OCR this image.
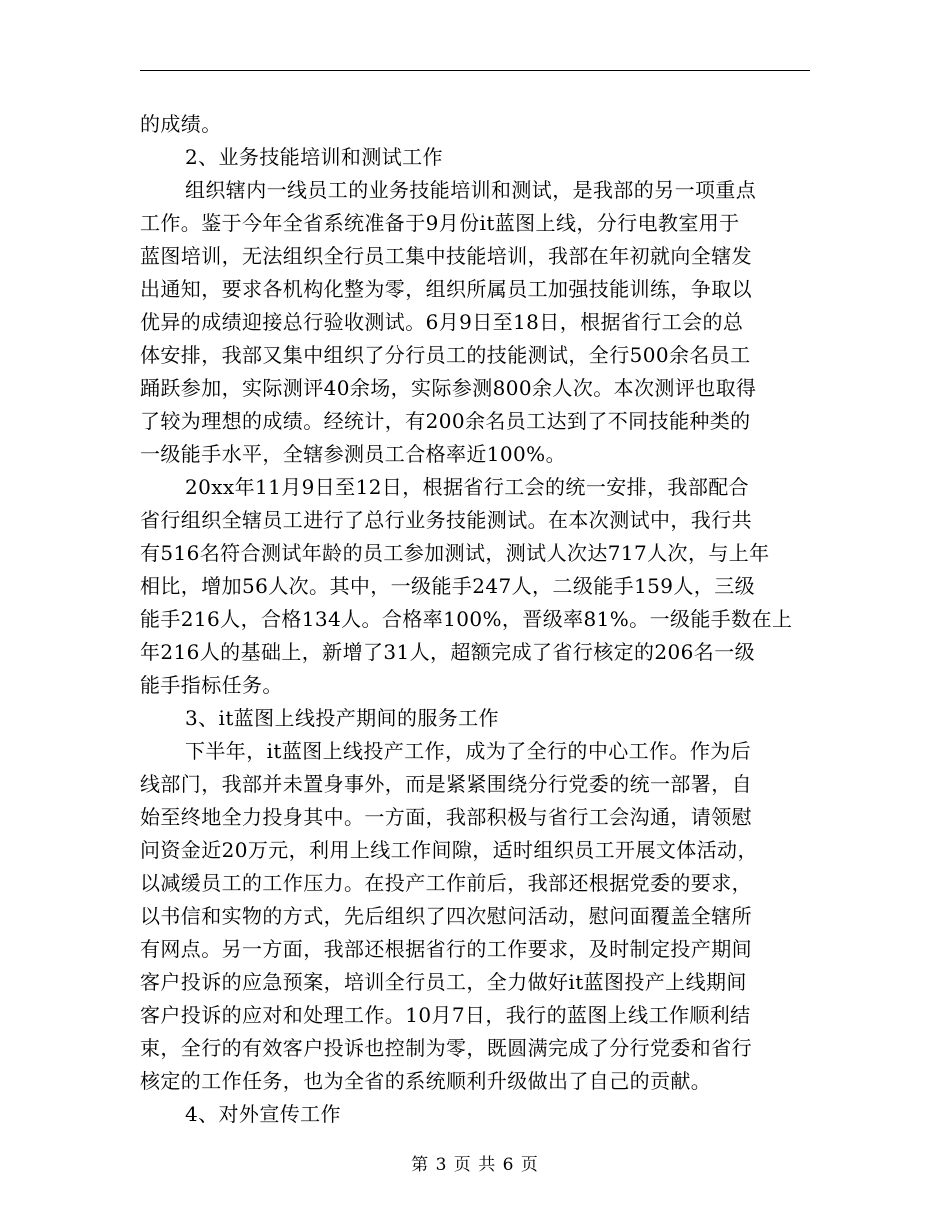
的成绩。
2、业务技能培训和测试工作
组织辖内一线员工的业务技能培训和测试，是我部的另一项重点
工作。鉴于今年全省系统准备于9月份it蓝图上线，分行电教室用于
蓝图培训，无法组织全行员工集中技能培训，我部在年初就向全辖发
出通知，要求各机构化整为零，组织所属员工加强技能训练，争取以
优异的成绩迎接总行验收测试。6月9日至18日，根据省行工会的总
体安排，我部又集中组织了分行员工的技能测试，全行500余名员工
踊跃参加，实际测评40余场，实际参测800余人次。本次测评也取得
了较为理想的成绩。经统计，有200余名员工达到了不同技能种类的
一级能手水平，全辖参测员工合格率近100%。
20xx年11月9日至12日，根据省行工会的统一安排，我部配合
省行组织全辖员工进行了总行业务技能测试。在本次测试中，我行共
有516名符合测试年龄的员工参加测试，测试人次达717人次，与上年
相比，增加56人次。其中，一级能手247人，二级能手159人，三级
能手216人，合格134人。合格率100%，晋级率81%。一级能手数在上
年216人的基础上，新增了31人，超额完成了省行核定的206名一级
能手指标任务。
3、it蓝图上线投产期间的服务工作
下半年，it蓝图上线投产工作，成为了全行的中心工作。作为后
线部门，我部并未置身事外，而是紧紧围绕分行党委的统一部署，自
始至终地全力投身其中。一方面，我部积极与省行工会沟通，请领慰
问资金近20万元，利用上线工作间隙，适时组织员工开展文体活动，
以减缓员工的工作压力。在投产工作前后，我部还根据党委的要求，
以书信和实物的方式，先后组织了四次慰问活动，慰问面覆盖全辖所
有网点。另一方面，我部还根据省行的工作要求，及时制定投产期间
客户投诉的应急预案，培训全行员工，全力做好it蓝图投产上线期间
客户投诉的应对和处理工作。10月7日，我行的蓝图上线工作顺利结
束，全行的有效客户投诉也控制为零，既圆满完成了分行党委和省行
核定的工作任务，也为全省的系统顺利升级做出了自己的贡献。
4、对外宣传工作
第 3 页 共 6 页
